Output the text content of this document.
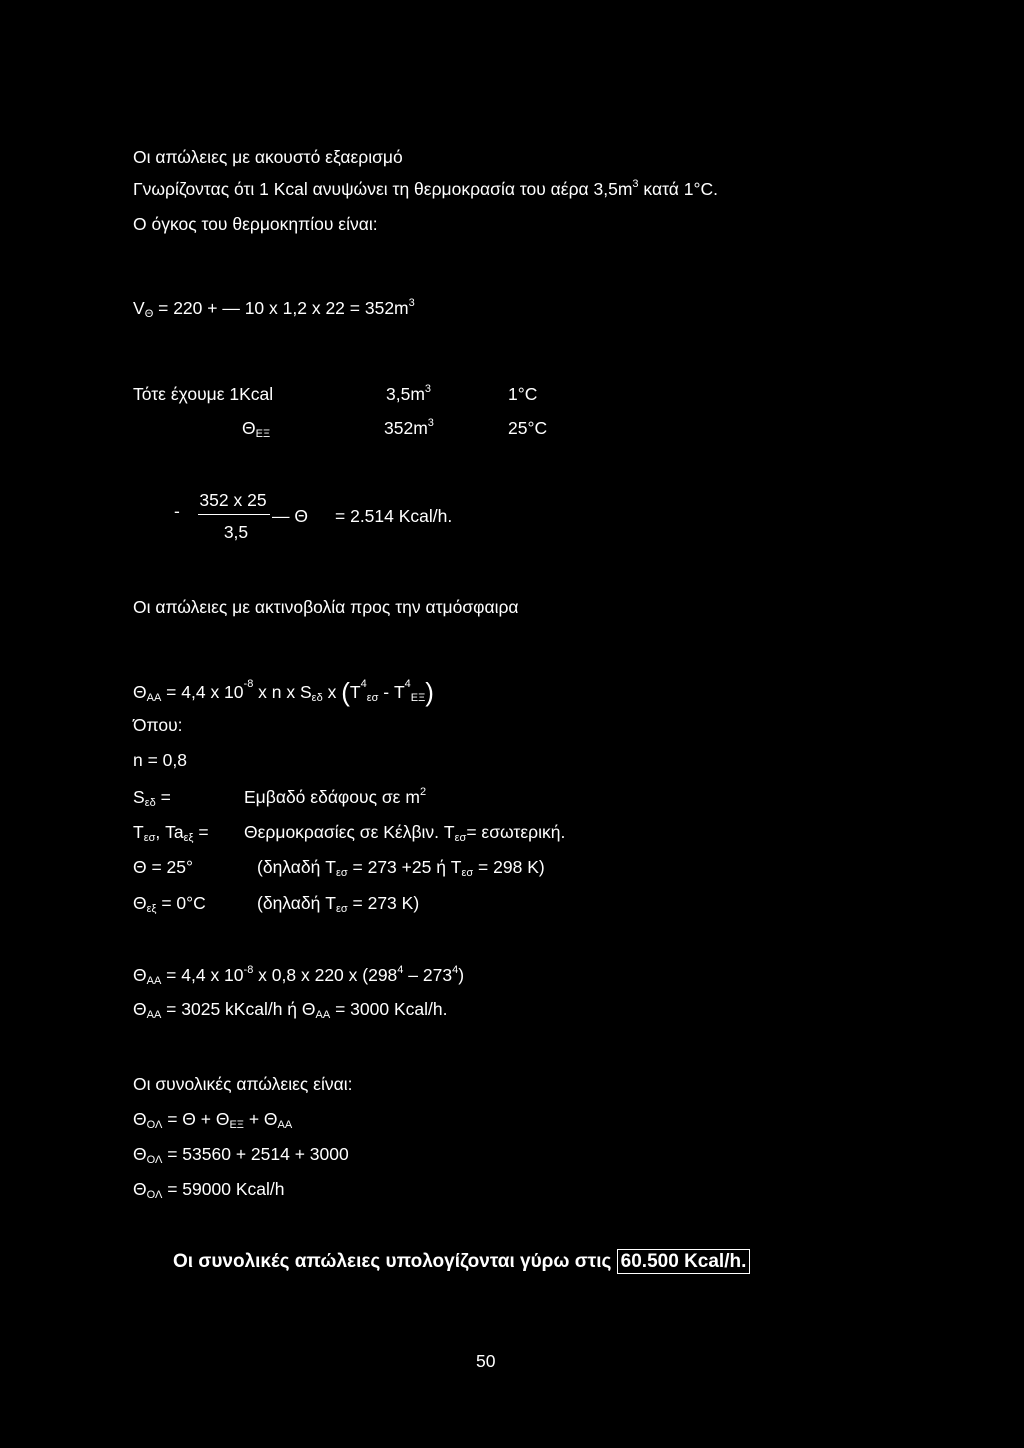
Οι απώλειες με ακουστό εξαερισμό
Γνωρίζοντας ότι 1 Kcal ανυψώνει τη θερμοκρασία του αέρα $3,5m^3$ κατά 1°C.
Ο όγκος του θερμοκηπίου είναι:
$V_\Theta = 220$ + — 10 x 1,2 x $22 = 352m^3$
Τότε έχουμε 1Kcal	$3,5m^3$	1°C
$\Theta_{E\Xi}$	$352m^3$	25°C
-
352 x 25
3,5
— Θ = 2.514 Kcal/h.
Οι απώλειες με ακτινοβολία προς την ατμόσφαιρα
$\Theta_{AA} = 4,4$ x $10^{-8}$ x n x $S_{\varepsilon\delta}$ x $(T^4_{\varepsilon\sigma} - T^4_{E\Xi})$
Όπου:
n = 0,8
$S_{\varepsilon\delta}$ =	Εμβαδό εδάφους σε $m^2$
$T_{\varepsilon\sigma}$, $Ta_{\varepsilon\xi} = \Theta\varepsilon\rho\mu o\kappa\rho\alpha\sigma ί\varepsilon\varsigma$ σε Κέλβιν. $T_{\varepsilon\sigma}= \varepsilon\sigma\omega\tau\varepsilon\rho\iota\kappa ή$.
Θ = 25°	(δηλαδή $T_{\varepsilon\sigma} = 273 +25$ ή $T_{\varepsilon\sigma} = 298$ K)
$\Theta_{\varepsilon\xi} = 0^\circ C$	(δηλαδή $T_{\varepsilon\sigma} = 273$ K)
$\Theta_{AA} = 4,4$ x $10^{-8}$ x 0,8 x 220 x $(298^4 - 273^4)$
$\Theta_{AA} = 3025$ kKcal/h ή $\Theta_{AA} = 3000$ Kcal/h.
Οι συνολικές απώλειες είναι:
$\Theta_{O\Lambda} = \Theta + \Theta_{E\Xi} + \Theta_{AA}$
$\Theta_{O\Lambda} = 53560 + 2514 + 3000$
$\Theta_{O\Lambda} = 59000$ Kcal/h
Οι συνολικές απώλειες υπολογίζονται γύρω στις 60.500 Kcal/h.
50
